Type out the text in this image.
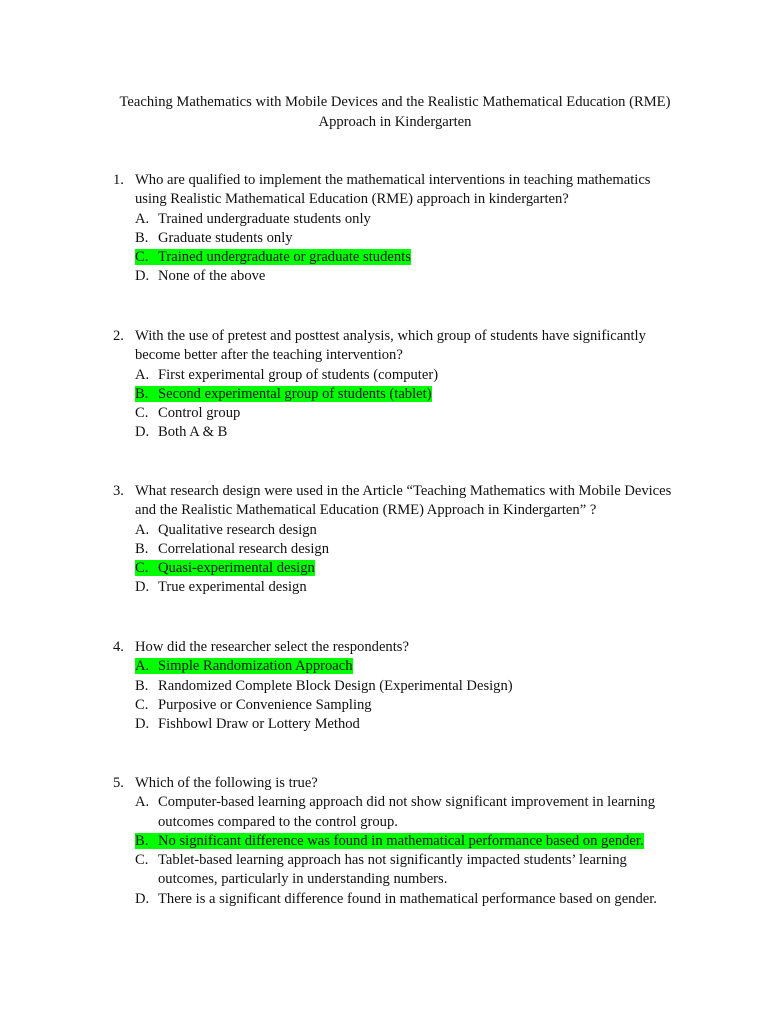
Teaching Mathematics with Mobile Devices and the Realistic Mathematical Education (RME) Approach in Kindergarten
1. Who are qualified to implement the mathematical interventions in teaching mathematics using Realistic Mathematical Education (RME) approach in kindergarten?
A. Trained undergraduate students only
B. Graduate students only
C. Trained undergraduate or graduate students
D. None of the above
2. With the use of pretest and posttest analysis, which group of students have significantly become better after the teaching intervention?
A. First experimental group of students (computer)
B. Second experimental group of students (tablet)
C. Control group
D. Both A & B
3. What research design were used in the Article “Teaching Mathematics with Mobile Devices and the Realistic Mathematical Education (RME) Approach in Kindergarten” ?
A. Qualitative research design
B. Correlational research design
C. Quasi-experimental design
D. True experimental design
4. How did the researcher select the respondents?
A. Simple Randomization Approach
B. Randomized Complete Block Design (Experimental Design)
C. Purposive or Convenience Sampling
D. Fishbowl Draw or Lottery Method
5. Which of the following is true?
A. Computer-based learning approach did not show significant improvement in learning outcomes compared to the control group.
B. No significant difference was found in mathematical performance based on gender.
C. Tablet-based learning approach has not significantly impacted students’ learning outcomes, particularly in understanding numbers.
D. There is a significant difference found in mathematical performance based on gender.
